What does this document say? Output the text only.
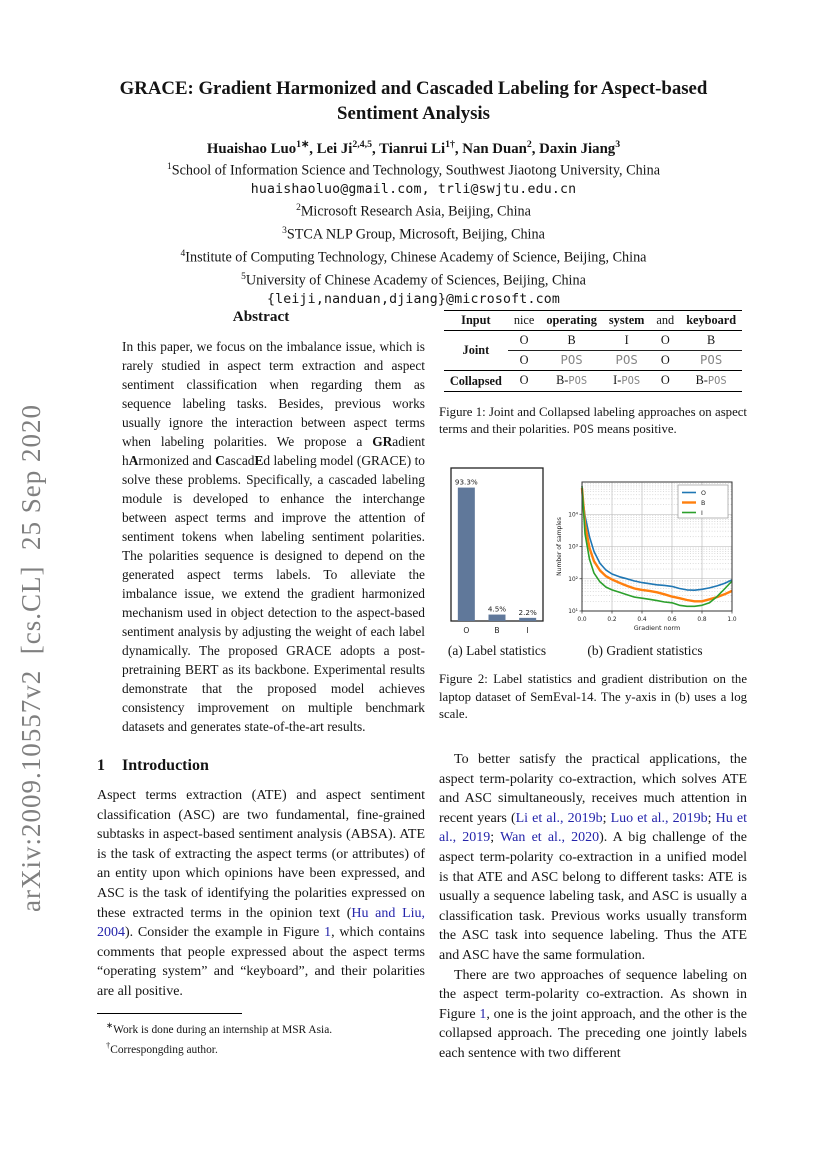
arXiv:2009.10557v2  [cs.CL]  25 Sep 2020
GRACE: Gradient Harmonized and Cascaded Labeling for Aspect-based Sentiment Analysis
Huaishao Luo$^{1∗}$, Lei Ji$^{2,4,5}$, Tianrui $Li^{1\dagger}$, Nan Duan$^2$, Daxin Jiang$^3$
$^1$School of Information Science and Technology, Southwest Jiaotong University, China
huaishaoluo@gmail.com, trli@swjtu.edu.cn
$^2$Microsoft Research Asia, Beijing, China
$^3$STCA NLP Group, Microsoft, Beijing, China
$^4$Institute of Computing Technology, Chinese Academy of Science, Beijing, China
$^5$University of Chinese Academy of Sciences, Beijing, China
{leiji,nanduan,djiang}@microsoft.com
Abstract
In this paper, we focus on the imbalance issue, which is rarely studied in aspect term extraction and aspect sentiment classification when regarding them as sequence labeling tasks. Besides, previous works usually ignore the interaction between aspect terms when labeling polarities. We propose a GRadient hArmonized and CascadEd labeling model (GRACE) to solve these problems. Specifically, a cascaded labeling module is developed to enhance the interchange between aspect terms and improve the attention of sentiment tokens when labeling sentiment polarities. The polarities sequence is designed to depend on the generated aspect terms labels. To alleviate the imbalance issue, we extend the gradient harmonized mechanism used in object detection to the aspect-based sentiment analysis by adjusting the weight of each label dynamically. The proposed GRACE adopts a post-pretraining BERT as its backbone. Experimental results demonstrate that the proposed model achieves consistency improvement on multiple benchmark datasets and generates state-of-the-art results.
1 Introduction
Aspect terms extraction (ATE) and aspect sentiment classification (ASC) are two fundamental, fine-grained subtasks in aspect-based sentiment analysis (ABSA). ATE is the task of extracting the aspect terms (or attributes) of an entity upon which opinions have been expressed, and ASC is the task of identifying the polarities expressed on these extracted terms in the opinion text (Hu and Liu, 2004). Consider the example in Figure 1, which contains comments that people expressed about the aspect terms “operating system” and “keyboard”, and their polarities are all positive.
∗Work is done during an internship at MSR Asia.
†Correspongding author.
Input	nice	operating	system	and	keyboard
Joint	O	B	I	O	B
	O	POS	POS	O	POS
Collapsed	O	B-POS	I-POS	O	B-POS
Figure 1: Joint and Collapsed labeling approaches on aspect terms and their polarities. POS means positive.
93.3%
O
4.5%
B
2.2%
I
(a) Label statistics
0.0	0.2	0.4	0.6	0.8	1.0
10⁴
10³
10²
10¹
Gradient norm
Number of samples
O
B
I
(b) Gradient statistics
Figure 2: Label statistics and gradient distribution on the laptop dataset of SemEval-14. The y-axis in (b) uses a log scale.
To better satisfy the practical applications, the aspect term-polarity co-extraction, which solves ATE and ASC simultaneously, receives much attention in recent years (Li et al., 2019b; Luo et al., 2019b; Hu et al., 2019; Wan et al., 2020). A big challenge of the aspect term-polarity co-extraction in a unified model is that ATE and ASC belong to different tasks: ATE is usually a sequence labeling task, and ASC is usually a classification task. Previous works usually transform the ASC task into sequence labeling. Thus the ATE and ASC have the same formulation.
There are two approaches of sequence labeling on the aspect term-polarity co-extraction. As shown in Figure 1, one is the joint approach, and the other is the collapsed approach. The preceding one jointly labels each sentence with two different
